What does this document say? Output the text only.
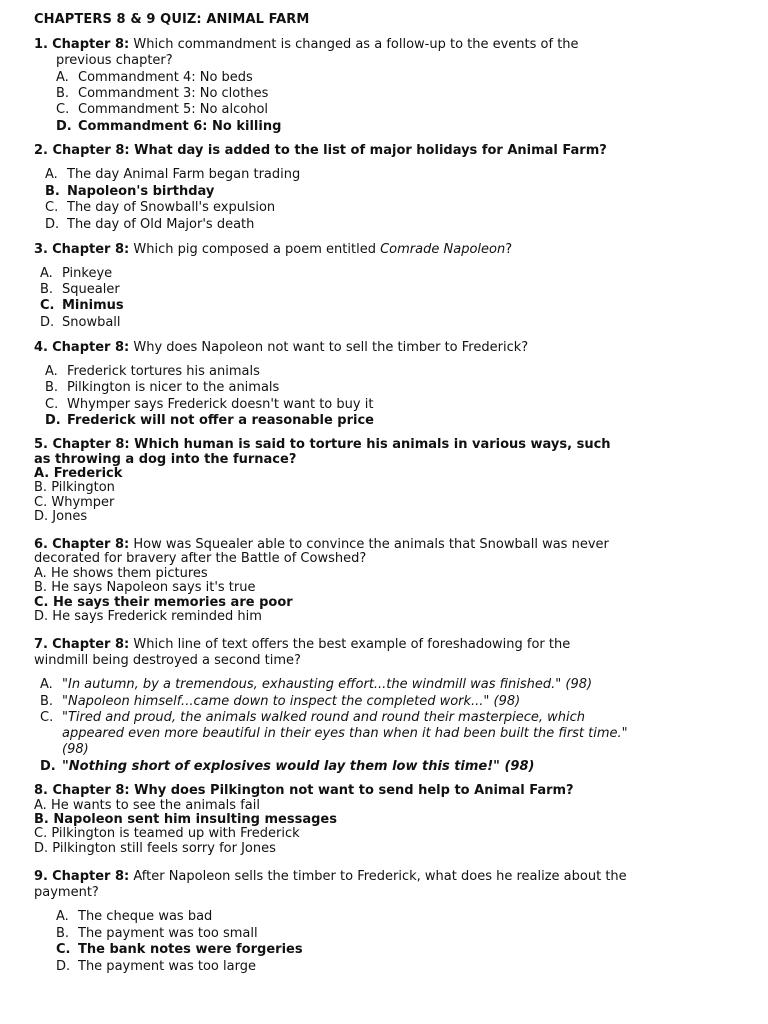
CHAPTERS 8 & 9 QUIZ: ANIMAL FARM
1. Chapter 8: Which commandment is changed as a follow-up to the events of the
previous chapter?
A. Commandment 4: No beds
B. Commandment 3: No clothes
C. Commandment 5: No alcohol
D. Commandment 6: No killing
2. Chapter 8: What day is added to the list of major holidays for Animal Farm?
A. The day Animal Farm began trading
B. Napoleon's birthday
C. The day of Snowball's expulsion
D. The day of Old Major's death
3. Chapter 8: Which pig composed a poem entitled Comrade Napoleon?
A. Pinkeye
B. Squealer
C. Minimus
D. Snowball
4. Chapter 8: Why does Napoleon not want to sell the timber to Frederick?
A. Frederick tortures his animals
B. Pilkington is nicer to the animals
C. Whymper says Frederick doesn't want to buy it
D. Frederick will not offer a reasonable price
5. Chapter 8: Which human is said to torture his animals in various ways, such
as throwing a dog into the furnace?
A. Frederick
B. Pilkington
C. Whymper
D. Jones
6. Chapter 8: How was Squealer able to convince the animals that Snowball was never
decorated for bravery after the Battle of Cowshed?
A. He shows them pictures
B. He says Napoleon says it's true
C. He says their memories are poor
D. He says Frederick reminded him
7. Chapter 8: Which line of text offers the best example of foreshadowing for the
windmill being destroyed a second time?
A. "In autumn, by a tremendous, exhausting effort...the windmill was finished." (98)
B. "Napoleon himself...came down to inspect the completed work..." (98)
C. "Tired and proud, the animals walked round and round their masterpiece, which
appeared even more beautiful in their eyes than when it had been built the first time."
(98)
D. "Nothing short of explosives would lay them low this time!" (98)
8. Chapter 8: Why does Pilkington not want to send help to Animal Farm?
A. He wants to see the animals fail
B. Napoleon sent him insulting messages
C. Pilkington is teamed up with Frederick
D. Pilkington still feels sorry for Jones
9. Chapter 8: After Napoleon sells the timber to Frederick, what does he realize about the
payment?
A. The cheque was bad
B. The payment was too small
C. The bank notes were forgeries
D. The payment was too large
